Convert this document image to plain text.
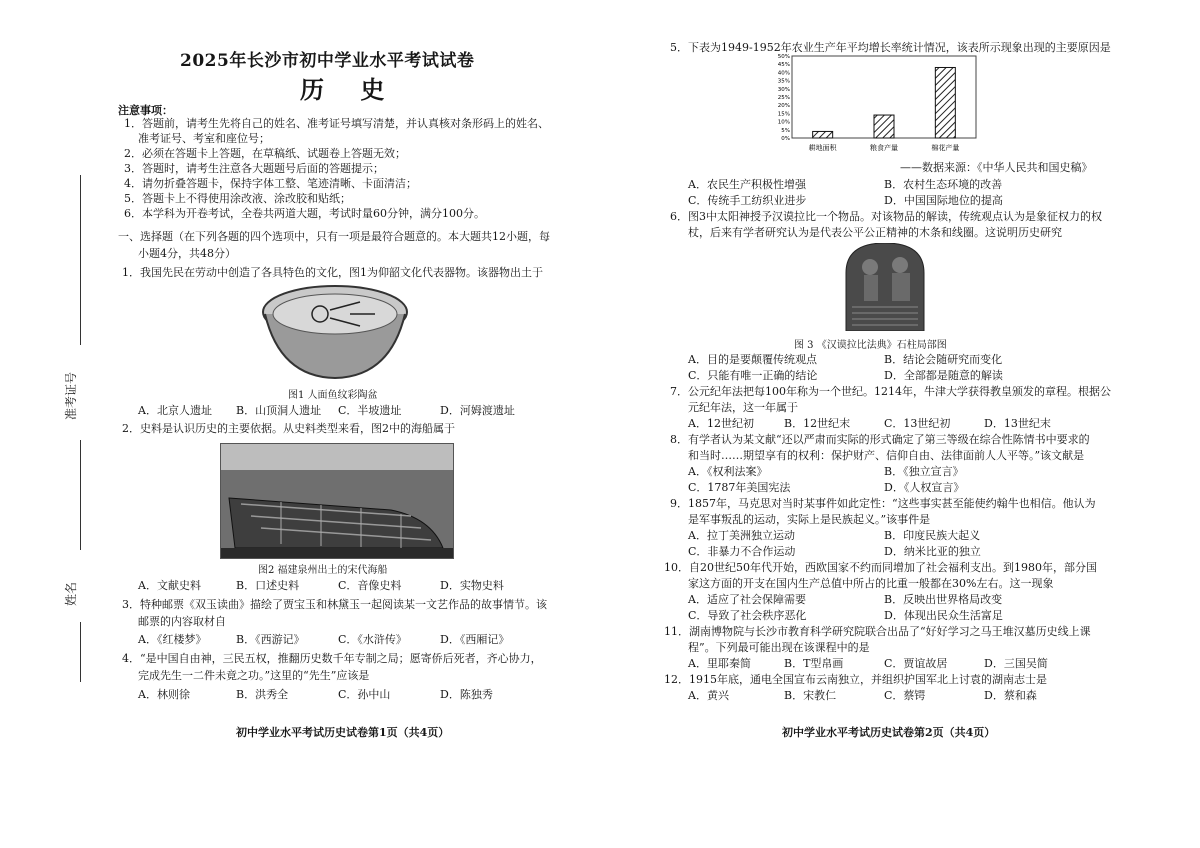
准考证号
姓名
2025年长沙市初中学业水平考试试卷
历 史
注意事项：
1．答题前，请考生先将自己的姓名、准考证号填写清楚，并认真核对条形码上的姓名、
准考证号、考室和座位号；
2．必须在答题卡上答题，在草稿纸、试题卷上答题无效；
3．答题时，请考生注意各大题题号后面的答题提示；
4．请勿折叠答题卡，保持字体工整、笔迹清晰、卡面清洁；
5．答题卡上不得使用涂改液、涂改胶和贴纸；
6．本学科为开卷考试，全卷共两道大题，考试时量60分钟，满分100分。
一、选择题（在下列各题的四个选项中，只有一项是最符合题意的。本大题共12小题，每
小题4分，共48分）
1．我国先民在劳动中创造了各具特色的文化，图1为仰韶文化代表器物。该器物出土于
图1 人面鱼纹彩陶盆
A．北京人遗址 B．山顶洞人遗址 C．半坡遗址	D．河姆渡遗址
2．史料是认识历史的主要依据。从史料类型来看，图2中的海船属于
图2 福建泉州出土的宋代海船
A．文献史料	B．口述史料	C．音像史料	D．实物史料
3．特种邮票《双玉读曲》描绘了贾宝玉和林黛玉一起阅读某一文艺作品的故事情节。该
邮票的内容取材自
A．《红楼梦》	B．《西游记》	C．《水浒传》	D．《西厢记》
4．“是中国自由神，三民五权，推翻历史数千年专制之局；愿寄侨后死者，齐心协力，
完成先生一二件未竟之功。”这里的“先生”应该是
A．林则徐	B．洪秀全	C．孙中山	D．陈独秀
初中学业水平考试历史试卷第1页（共4页）
5．下表为1949-1952年农业生产年平均增长率统计情况，该表所示现象出现的主要原因是
50%
45%
40%
35%
30%
25%
20%
15%
10%
5%
0%
耕地面积	粮食产量	棉花产量
——数据来源：《中华人民共和国史稿》
A．农民生产积极性增强	B．农村生态环境的改善
C．传统手工纺织业进步	D．中国国际地位的提高
6．图3中太阳神授予汉谟拉比一个物品。对该物品的解读，传统观点认为是象征权力的权
杖，后来有学者研究认为是代表公平公正精神的木条和线圈。这说明历史研究
图 3 《汉谟拉比法典》石柱局部图
A．目的是要颠覆传统观点	B．结论会随研究而变化
C．只能有唯一正确的结论	D．全部都是随意的解读
7．公元纪年法把每100年称为一个世纪。1214年，牛津大学获得教皇颁发的章程。根据公
元纪年法，这一年属于
A．12世纪初	B．12世纪末	C．13世纪初	D．13世纪末
8．有学者认为某文献“还以严肃而实际的形式确定了第三等级在综合性陈情书中要求的
和当时……期望享有的权利：保护财产、信仰自由、法律面前人人平等。”该文献是
A．《权利法案》	B．《独立宣言》
C．1787年美国宪法	D．《人权宣言》
9．1857年，马克思对当时某事件如此定性：“这些事实甚至能使约翰牛也相信。他认为
是军事叛乱的运动，实际上是民族起义。”该事件是
A．拉丁美洲独立运动	B．印度民族大起义
C．非暴力不合作运动	D．纳米比亚的独立
10．自20世纪50年代开始，西欧国家不约而同增加了社会福利支出。到1980年，部分国
家这方面的开支在国内生产总值中所占的比重一般都在30%左右。这一现象
A．适应了社会保障需要	B．反映出世界格局改变
C．导致了社会秩序恶化	D．体现出民众生活富足
11．湖南博物院与长沙市教育科学研究院联合出品了“好好学习之马王堆汉墓历史线上课
程”。下列最可能出现在该课程中的是
A．里耶秦简	B．T型帛画	C．贾谊故居	D．三国吴简
12．1915年底，通电全国宣布云南独立，并组织护国军北上讨袁的湖南志士是
A．黄兴	B．宋教仁	C．蔡锷	D．蔡和森
初中学业水平考试历史试卷第2页（共4页）
